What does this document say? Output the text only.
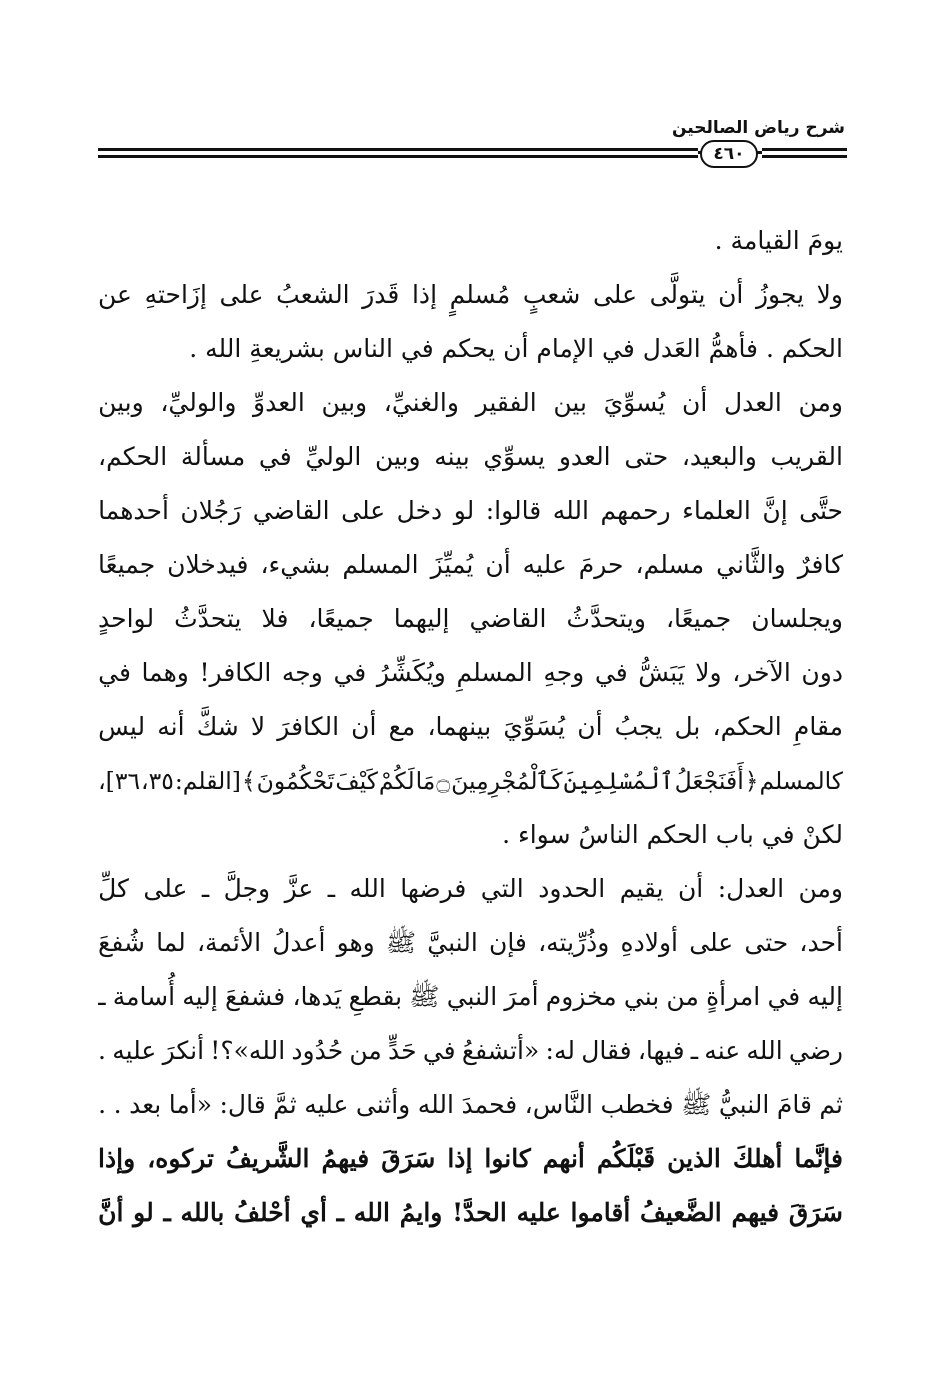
شرح رياض الصالحين
٤٦٠
يومَ القيامة .
ولا
يجوزُ
أن
يتولَّى
على
شعبٍ
مُسلمٍ
إذا
قَدرَ
الشعبُ
على
إزَاحتهِ
عن
الحكم . فأهمُّ العَدل في الإمام أن يحكم في الناس بشريعةِ الله .
ومن
العدل
أن
يُسوِّيَ
بين
الفقير
والغنيِّ،
وبين
العدوِّ
والوليِّ،
وبين
القريب
والبعيد،
حتى
العدو
يسوِّي
بينه
وبين
الوليِّ
في
مسألة
الحكم،
حتَّى
إنَّ
العلماء
رحمهم
الله
قالوا:
لو
دخل
على
القاضي
رَجُلان
أحدهما
كافرٌ
والثَّاني
مسلم،
حرمَ
عليه
أن
يُميِّزَ
المسلم
بشيء،
فيدخلان
جميعًا
ويجلسان
جميعًا،
ويتحدَّثُ
القاضي
إليهما
جميعًا،
فلا
يتحدَّثُ
لواحدٍ
دون
الآخر،
ولا
يَبَشُّ
في
وجهِ
المسلمِ
ويُكَشِّرُ
في
وجه
الكافر!
وهما
في
مقامِ
الحكم،
بل
يجبُ
أن
يُسَوِّيَ
بينهما،
مع
أن
الكافرَ
لا
شكَّ
أنه
ليس
كالمسلم
﴿
أَفَنَجْعَلُ
ٱلْمُسْلِمِينَ
كَٱلْمُجْرِمِينَ
۝
مَا
لَكُمْ
كَيْفَ
تَحْكُمُونَ
﴾
[القلم:
٣٥،
٣٦]،
لكنْ في باب الحكم الناسُ سواء .
ومن
العدل:
أن
يقيم
الحدود
التي
فرضها
الله
ـ
عزَّ
وجلَّ
ـ
على
كلِّ
أحد،
حتى
على
أولادهِ
وذُرِّيته،
فإن
النبيَّ
ﷺ
وهو
أعدلُ
الأئمة،
لما
شُفعَ
إليه
في
امرأةٍ
من
بني
مخزوم
أمرَ
النبي
ﷺ
بقطعِ
يَدها،
فشفعَ
إليه
أُسامة
ـ
رضي
الله
عنه
ـ
فيها،
فقال
له:
«أتشفعُ
في
حَدٍّ
من
حُدُود
الله»؟!
أنكرَ
عليه
.
ثم
قامَ
النبيُّ
ﷺ
فخطب
النَّاس،
فحمدَ
الله
وأثنى
عليه
ثمَّ
قال:
«أما
بعد
.
.
فإنَّما
أهلكَ
الذين
قَبْلَكُم
أنهم
كانوا
إذا
سَرَقَ
فيهمُ
الشَّريفُ
تركوه،
وإذا
سَرَقَ
فيهم
الضَّعيفُ
أقاموا
عليه
الحدَّ!
وايمُ
الله
ـ
أي
أحْلفُ
بالله
ـ
لو
أنَّ
